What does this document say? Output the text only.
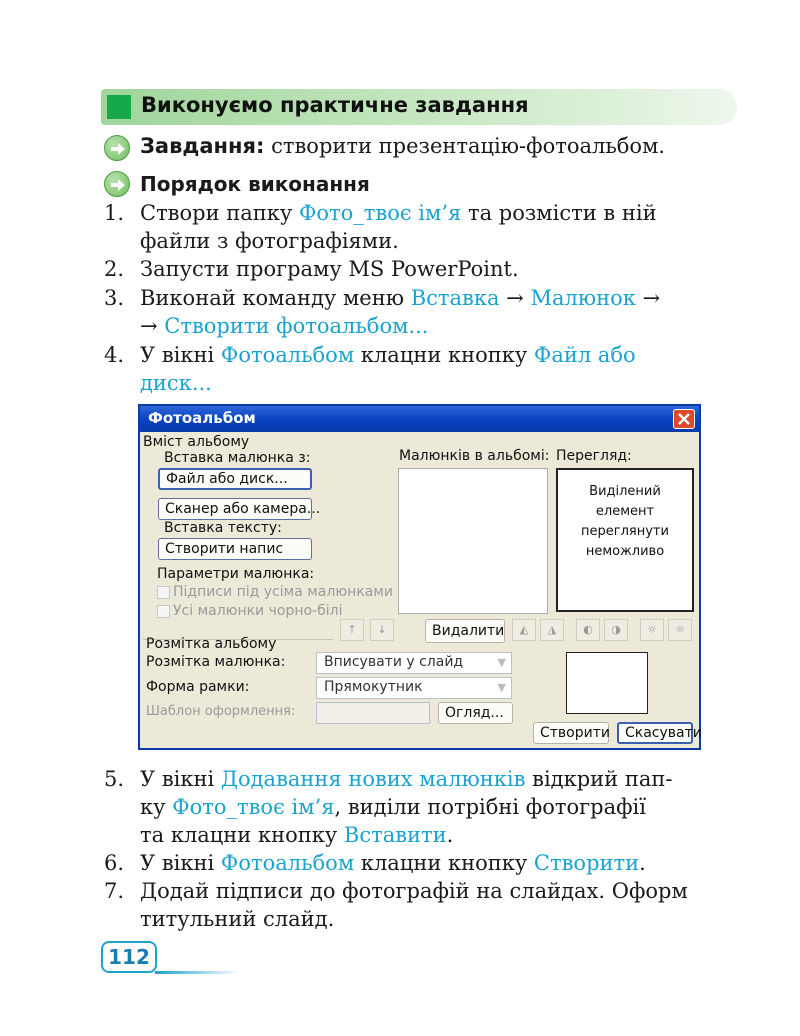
Виконуємо практичне завдання
Завдання: створити презентацію-фотоальбом.
Порядок виконання
1. Створи папку Фото_твоє ім’я та розмісти в ній
файли з фотографіями.
2. Запусти програму MS PowerPoint.
3. Виконай команду меню Вставка → Малюнок →
→ Створити фотоальбом...
4. У вікні Фотоальбом клацни кнопку Файл або
диск...
Фотоальбом
Вміст альбому
Вставка малюнка з:
Файл або диск...
Сканер або камера...
Вставка тексту:
Створити напис
Параметри малюнка:
Підписи під усіма малюнками
Усі малюнки чорно-білі
Малюнків в альбомі: Перегляд:
Виділений
елемент
переглянути
неможливо
↑	↓	Видалити	◭	◮	◐	◑	☼	☼
Розмітка альбому
Розмітка малюнка:	Вписувати у слайд	▼
Форма рамки:	Прямокутник	▼
Шаблон оформлення:	Огляд...
Створити	Скасувати
5. У вікні Додавання нових малюнків відкрий пап-
ку Фото_твоє ім’я, виділи потрібні фотографії
та клацни кнопку Вставити.
6. У вікні Фотоальбом клацни кнопку Створити.
7. Додай підписи до фотографій на слайдах. Оформ
титульний слайд.
112
